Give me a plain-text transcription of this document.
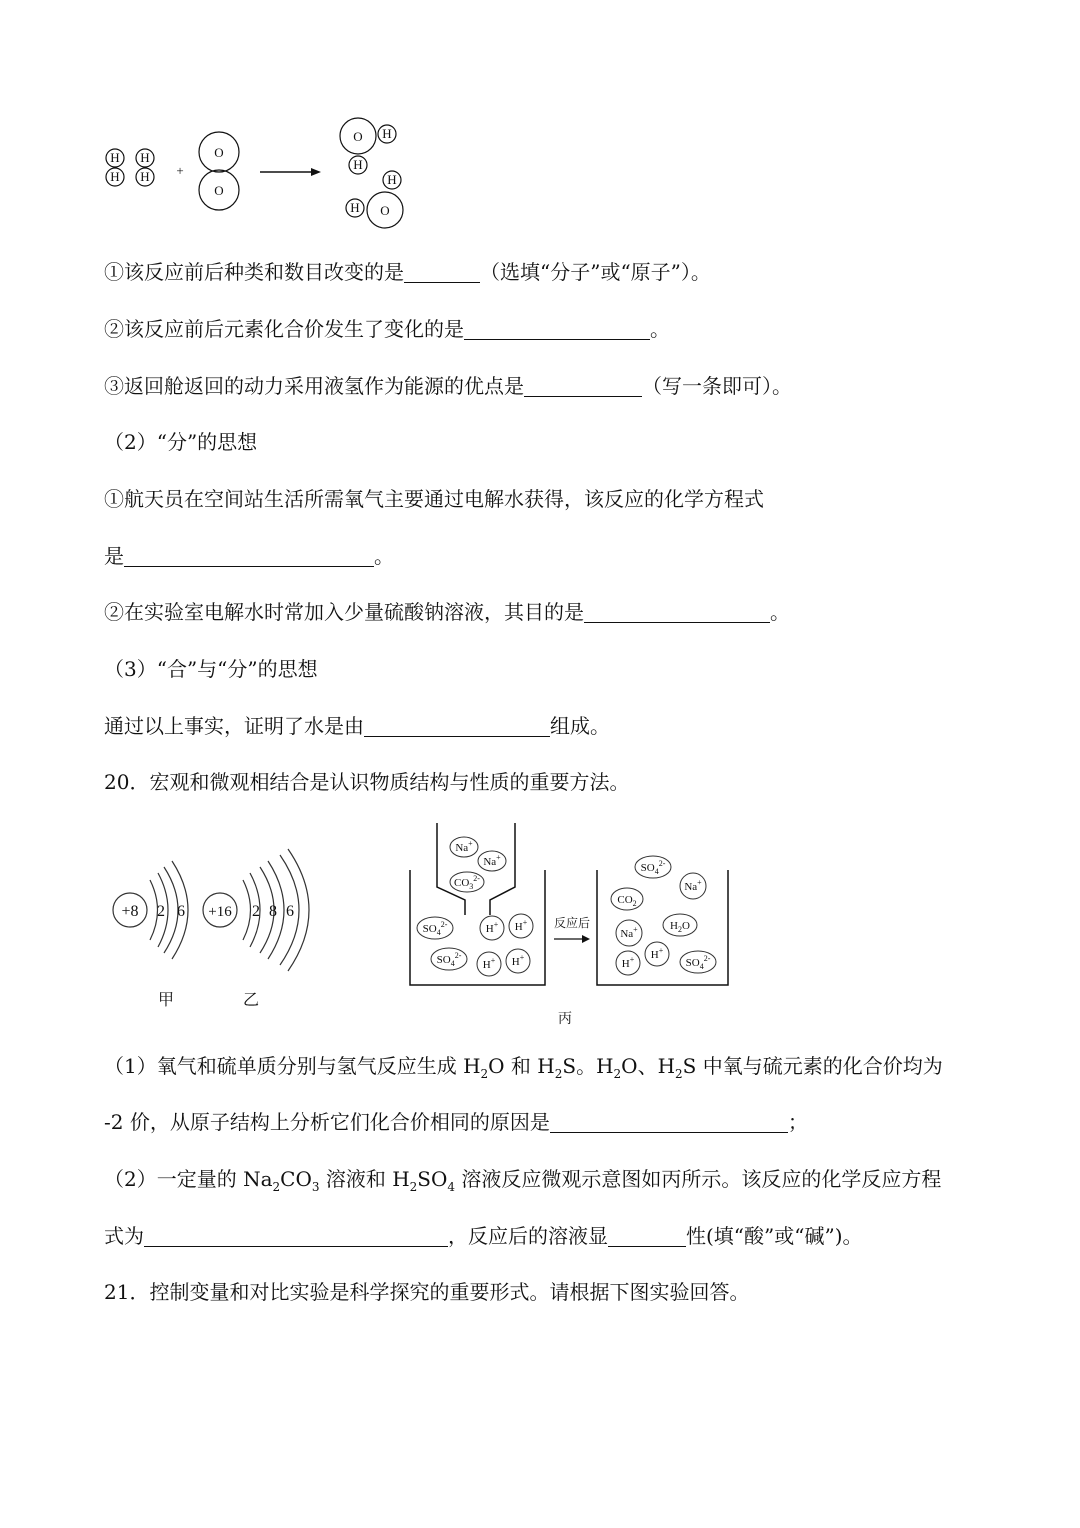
H
H
H
H +
O
O
O H
H
H
O
H
①该反应前后种类和数目改变的是	（选填“分子”或“原子”）。
②该反应前后元素化合价发生了变化的是	。
③返回舱返回的动力采用液氢作为能源的优点是	（写一条即可）。
（2）“分”的思想
①航天员在空间站生活所需氧气主要通过电解水获得，该反应的化学方程式
是	。
②在实验室电解水时常加入少量硫酸钠溶液，其目的是	。
（3）“合”与“分”的思想
通过以上事实，证明了水是由	组成。
20．宏观和微观相结合是认识物质结构与性质的重要方法。
+8 2 6 +16 2 8 6
甲	乙
Na+
Na+
$CO_3^{2-}$
$SO_4^{2-}$	H+ H+
$SO_4^{2-}$
H+ H+
反应后
$SO_4^{2-}$
Na+
$CO_2$
$H_2O$
Na+
H+
H+	$SO_4^{2-}$
丙
（1）氧气和硫单质分别与氢气反应生成 $H_2O$ 和 $H_2S$。$H_2O$、$H_2S$ 中氧与硫元素的化合价均为
-2 价，从原子结构上分析它们化合价相同的原因是	；
（2）一定量的 $Na_2CO_3$ 溶液和 $H_2SO_4$ 溶液反应微观示意图如丙所示。该反应的化学反应方程
式为	，反应后的溶液显	性(填“酸”或“碱”)。
21．控制变量和对比实验是科学探究的重要形式。请根据下图实验回答。
